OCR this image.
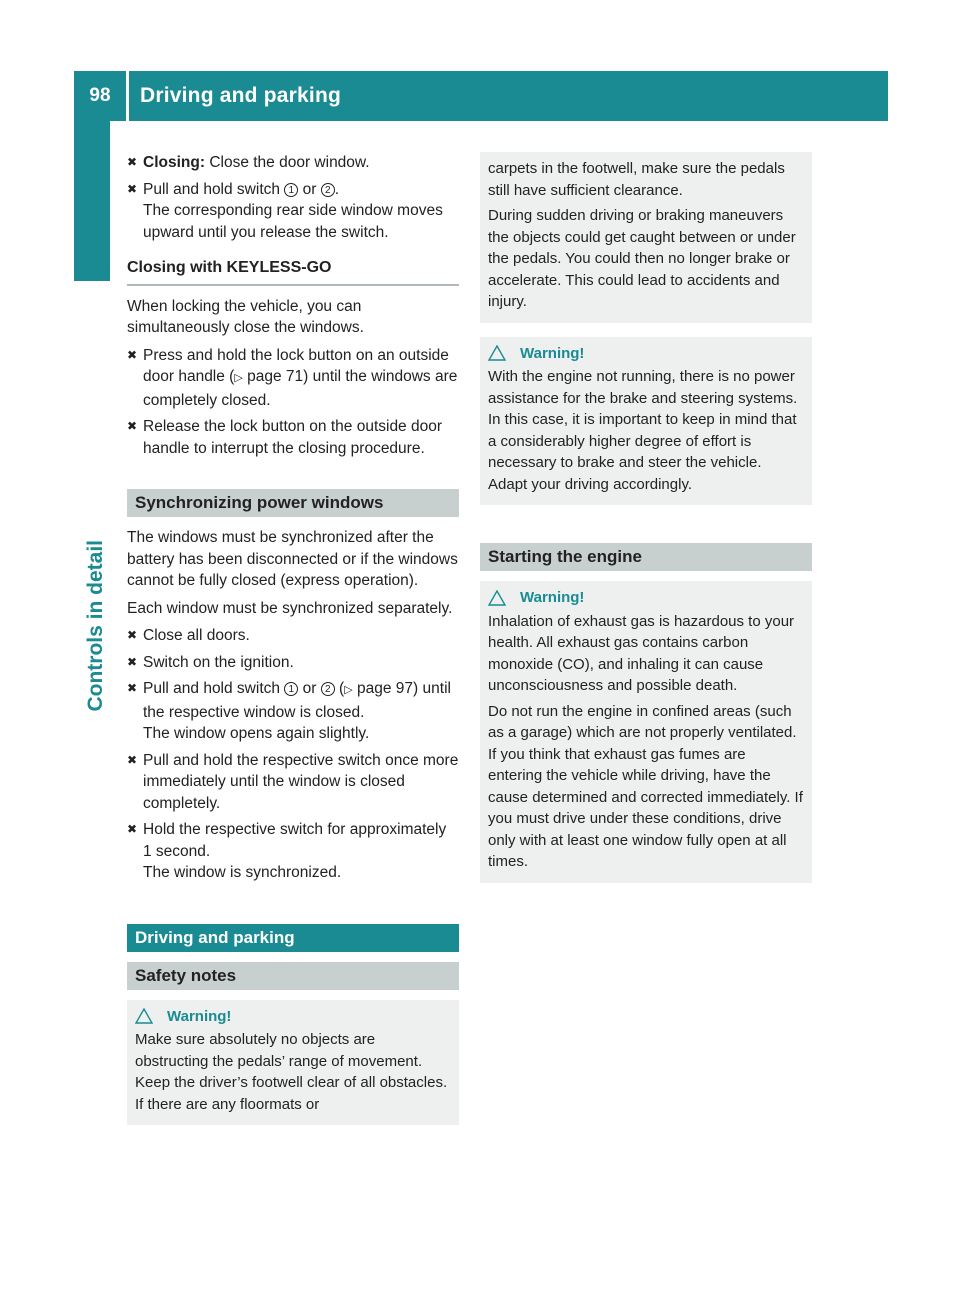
98	Driving and parking
Controls in detail
✖ Closing: Close the door window.
✖ Pull and hold switch 1 or 2 .
The corresponding rear side window moves upward until you release the switch.
Closing with KEYLESS-GO

When locking the vehicle, you can simultaneously close the windows.

✖ Press and hold the lock button on an outside door handle (▷ page 71) until the windows are completely closed.
✖ Release the lock button on the outside door handle to interrupt the closing procedure.
Synchronizing power windows

The windows must be synchronized after the battery has been disconnected or if the windows cannot be fully closed (express operation).

Each window must be synchronized separately.

✖ Close all doors.
✖ Switch on the ignition.
✖ Pull and hold switch 1 or 2 (▷ page 97) until the respective window is closed.
The window opens again slightly.
✖ Pull and hold the respective switch once more immediately until the window is closed completely.
✖ Hold the respective switch for approximately 1 second.
The window is synchronized.
Driving and parking
Safety notes
Warning!

Make sure absolutely no objects are obstructing the pedals’ range of movement. Keep the driver’s footwell clear of all obstacles. If there are any floormats or

carpets in the footwell, make sure the pedals still have sufficient clearance.

During sudden driving or braking maneuvers the objects could get caught between or under the pedals. You could then no longer brake or accelerate. This could lead to accidents and injury.

Warning!

With the engine not running, there is no power assistance for the brake and steering systems. In this case, it is important to keep in mind that a considerably higher degree of effort is necessary to brake and steer the vehicle. Adapt your driving accordingly.

Starting the engine
Warning!

Inhalation of exhaust gas is hazardous to your health. All exhaust gas contains carbon monoxide (CO), and inhaling it can cause unconsciousness and possible death.

Do not run the engine in confined areas (such as a garage) which are not properly ventilated. If you think that exhaust gas fumes are entering the vehicle while driving, have the cause determined and corrected immediately. If you must drive under these conditions, drive only with at least one window fully open at all times.
